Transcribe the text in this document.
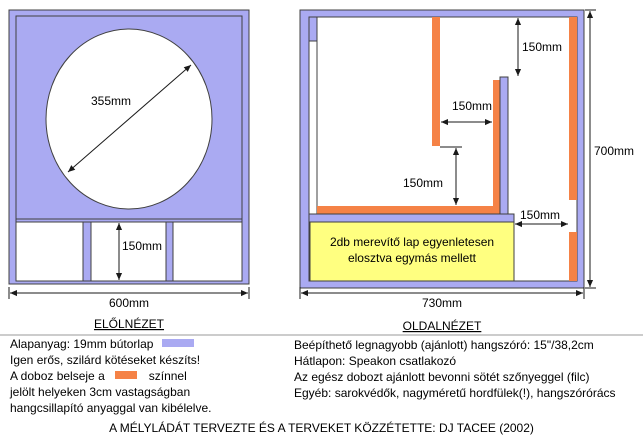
355mm
150mm
600mm
ELŐLNÉZET
2db merevítő lap egyenletesen
elosztva egymás mellett
150mm
150mm
150mm
150mm
700mm
730mm
OLDALNÉZET
Alapanyag: 19mm bútorlap
Igen erős, szilárd kötéseket készíts!
A doboz belseje a	színnel
jelölt helyeken 3cm vastagságban
hangcsillapító anyaggal van kibélelve.
Beépíthető legnagyobb (ajánlott) hangszóró: 15"/38,2cm
Hátlapon: Speakon csatlakozó
Az egész dobozt ajánlott bevonni sötét szőnyeggel (filc)
Egyéb: sarokvédők, nagyméretű hordfülek(!), hangszórórács
A MÉLYLÁDÁT TERVEZTE ÉS A TERVEKET KÖZZÉTETTE: DJ TACEE (2002)
